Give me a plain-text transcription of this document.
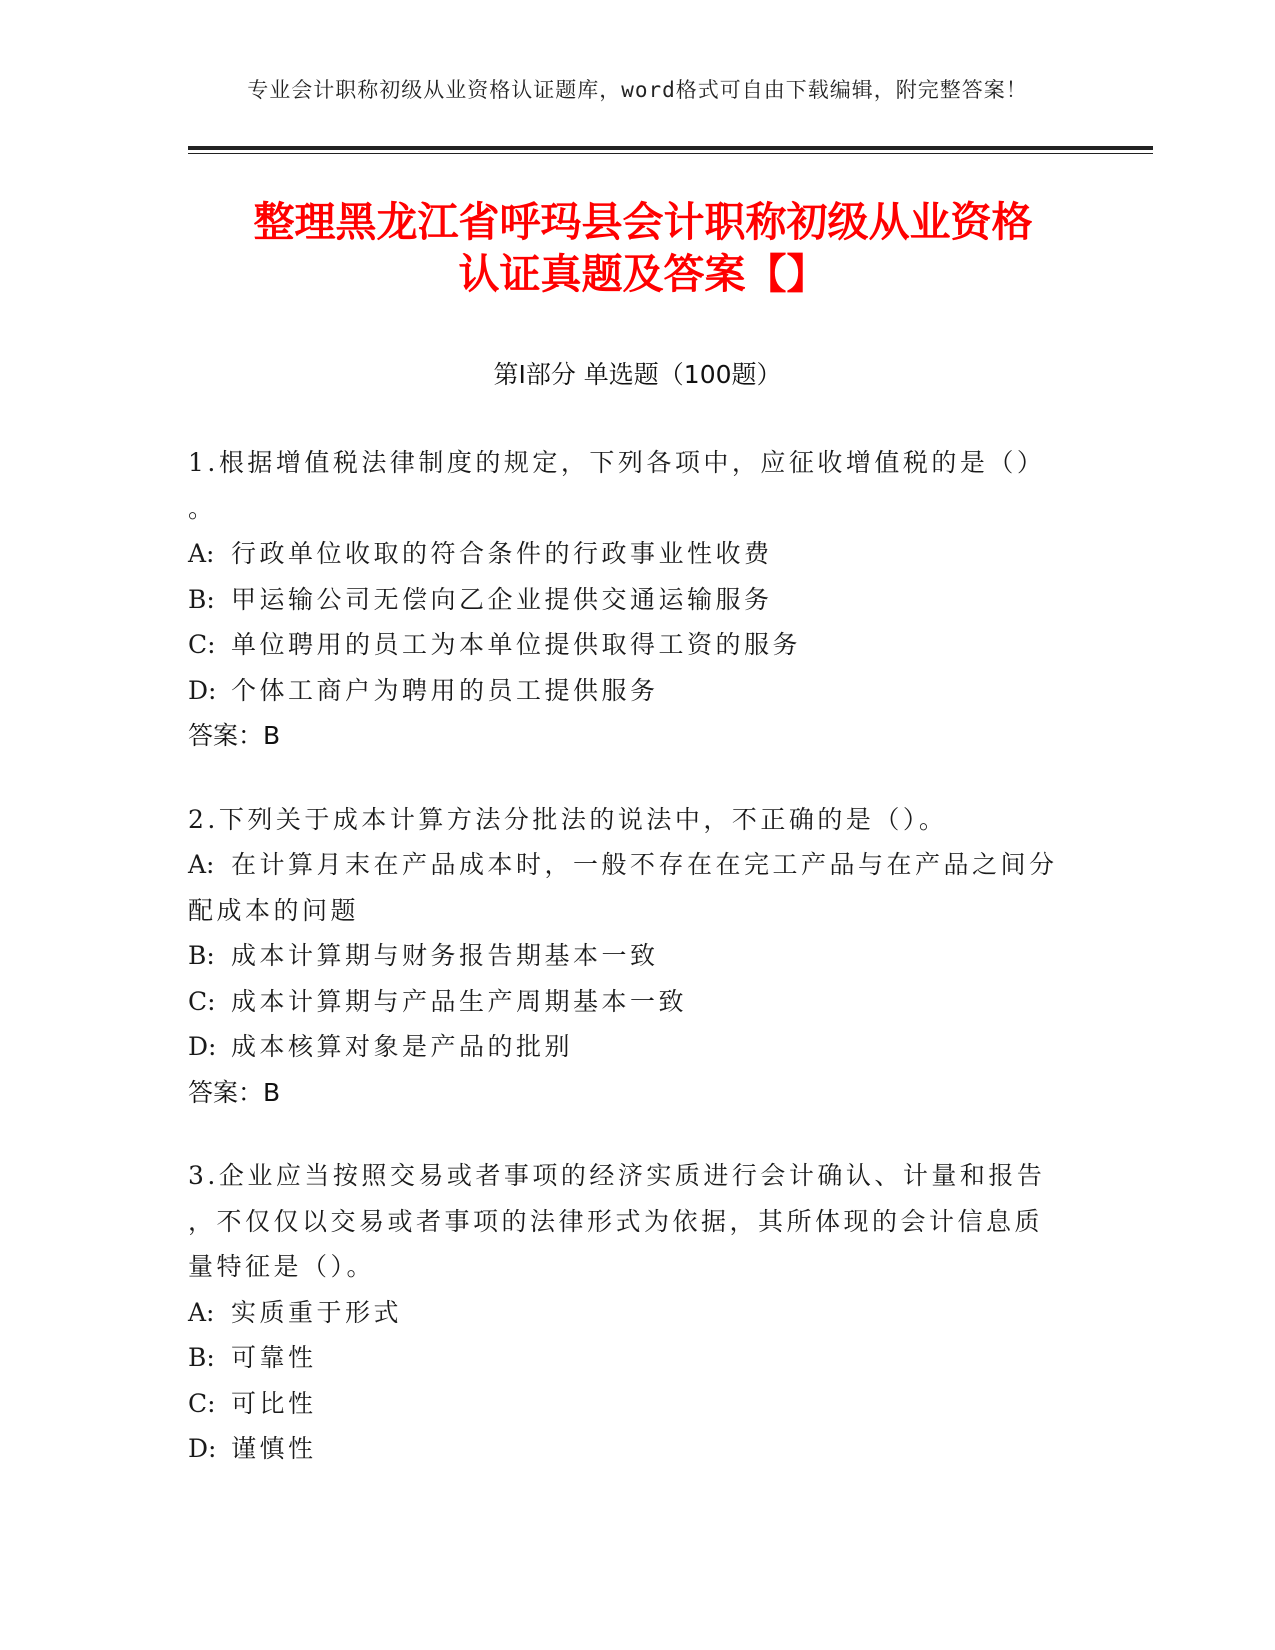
专业会计职称初级从业资格认证题库，word格式可自由下载编辑，附完整答案！
整理黑龙江省呼玛县会计职称初级从业资格
认证真题及答案【】
第Ⅰ部分 单选题（100题）
1.根据增值税法律制度的规定，下列各项中，应征收增值税的是（）
。
A: 行政单位收取的符合条件的行政事业性收费
B: 甲运输公司无偿向乙企业提供交通运输服务
C: 单位聘用的员工为本单位提供取得工资的服务
D: 个体工商户为聘用的员工提供服务
答案：B
2.下列关于成本计算方法分批法的说法中，不正确的是（）。
A: 在计算月末在产品成本时，一般不存在在完工产品与在产品之间分
配成本的问题
B: 成本计算期与财务报告期基本一致
C: 成本计算期与产品生产周期基本一致
D: 成本核算对象是产品的批别
答案：B
3.企业应当按照交易或者事项的经济实质进行会计确认、计量和报告
，不仅仅以交易或者事项的法律形式为依据，其所体现的会计信息质
量特征是（）。
A: 实质重于形式
B: 可靠性
C: 可比性
D: 谨慎性
